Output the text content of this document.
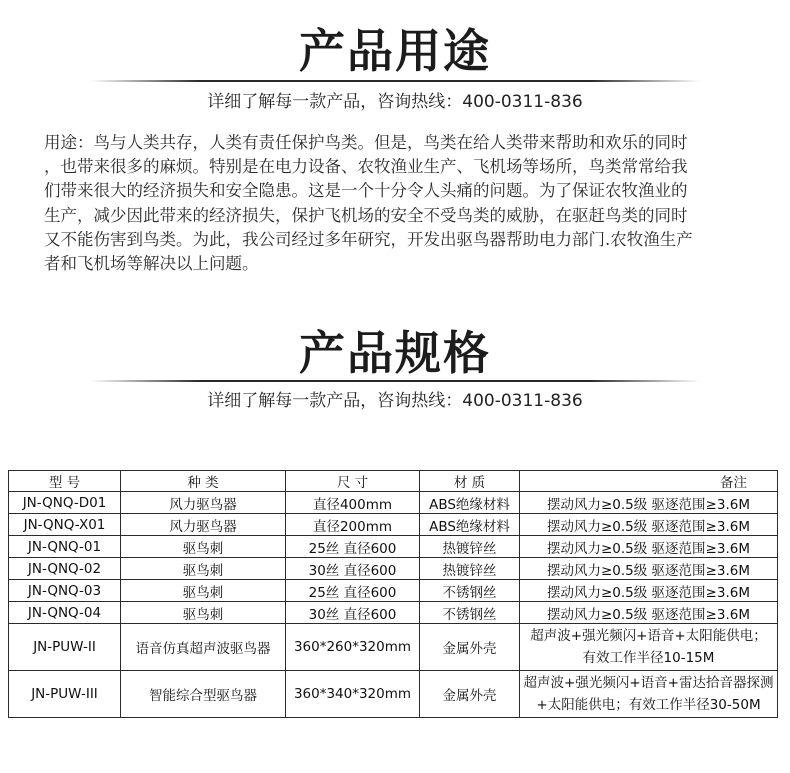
产品用途
详细了解每一款产品，咨询热线：400-0311-836
用途：鸟与人类共存，人类有责任保护鸟类。但是，鸟类在给人类带来帮助和欢乐的同时
，也带来很多的麻烦。特别是在电力设备、农牧渔业生产、飞机场等场所，鸟类常常给我
们带来很大的经济损失和安全隐患。这是一个十分令人头痛的问题。为了保证农牧渔业的
生产，减少因此带来的经济损失，保护飞机场的安全不受鸟类的威胁，在驱赶鸟类的同时
又不能伤害到鸟类。为此，我公司经过多年研究，开发出驱鸟器帮助电力部门.农牧渔生产
者和飞机场等解决以上问题。
产品规格
详细了解每一款产品，咨询热线：400-0311-836
型 号	种 类	尺 寸	材 质	备注
JN-QNQ-D01	风力驱鸟器	直径400mm	ABS绝缘材料	摆动风力≥0.5级 驱逐范围≥3.6M
JN-QNQ-X01	风力驱鸟器	直径200mm	ABS绝缘材料	摆动风力≥0.5级 驱逐范围≥3.6M
JN-QNQ-01	驱鸟刺	25丝 直径600	热镀锌丝	摆动风力≥0.5级 驱逐范围≥3.6M
JN-QNQ-02	驱鸟刺	30丝 直径600	热镀锌丝	摆动风力≥0.5级 驱逐范围≥3.6M
JN-QNQ-03	驱鸟刺	25丝 直径600	不锈钢丝	摆动风力≥0.5级 驱逐范围≥3.6M
JN-QNQ-04	驱鸟刺	30丝 直径600	不锈钢丝	摆动风力≥0.5级 驱逐范围≥3.6M
JN-PUW-II	语音仿真超声波驱鸟器	360*260*320mm	金属外壳	超声波+强光频闪+语音+太阳能供电；
有效工作半径10-15M

JN-PUW-III	智能综合型驱鸟器	360*340*320mm	金属外壳	超声波+强光频闪+语音+雷达拾音器探测
+太阳能供电；有效工作半径30-50M
